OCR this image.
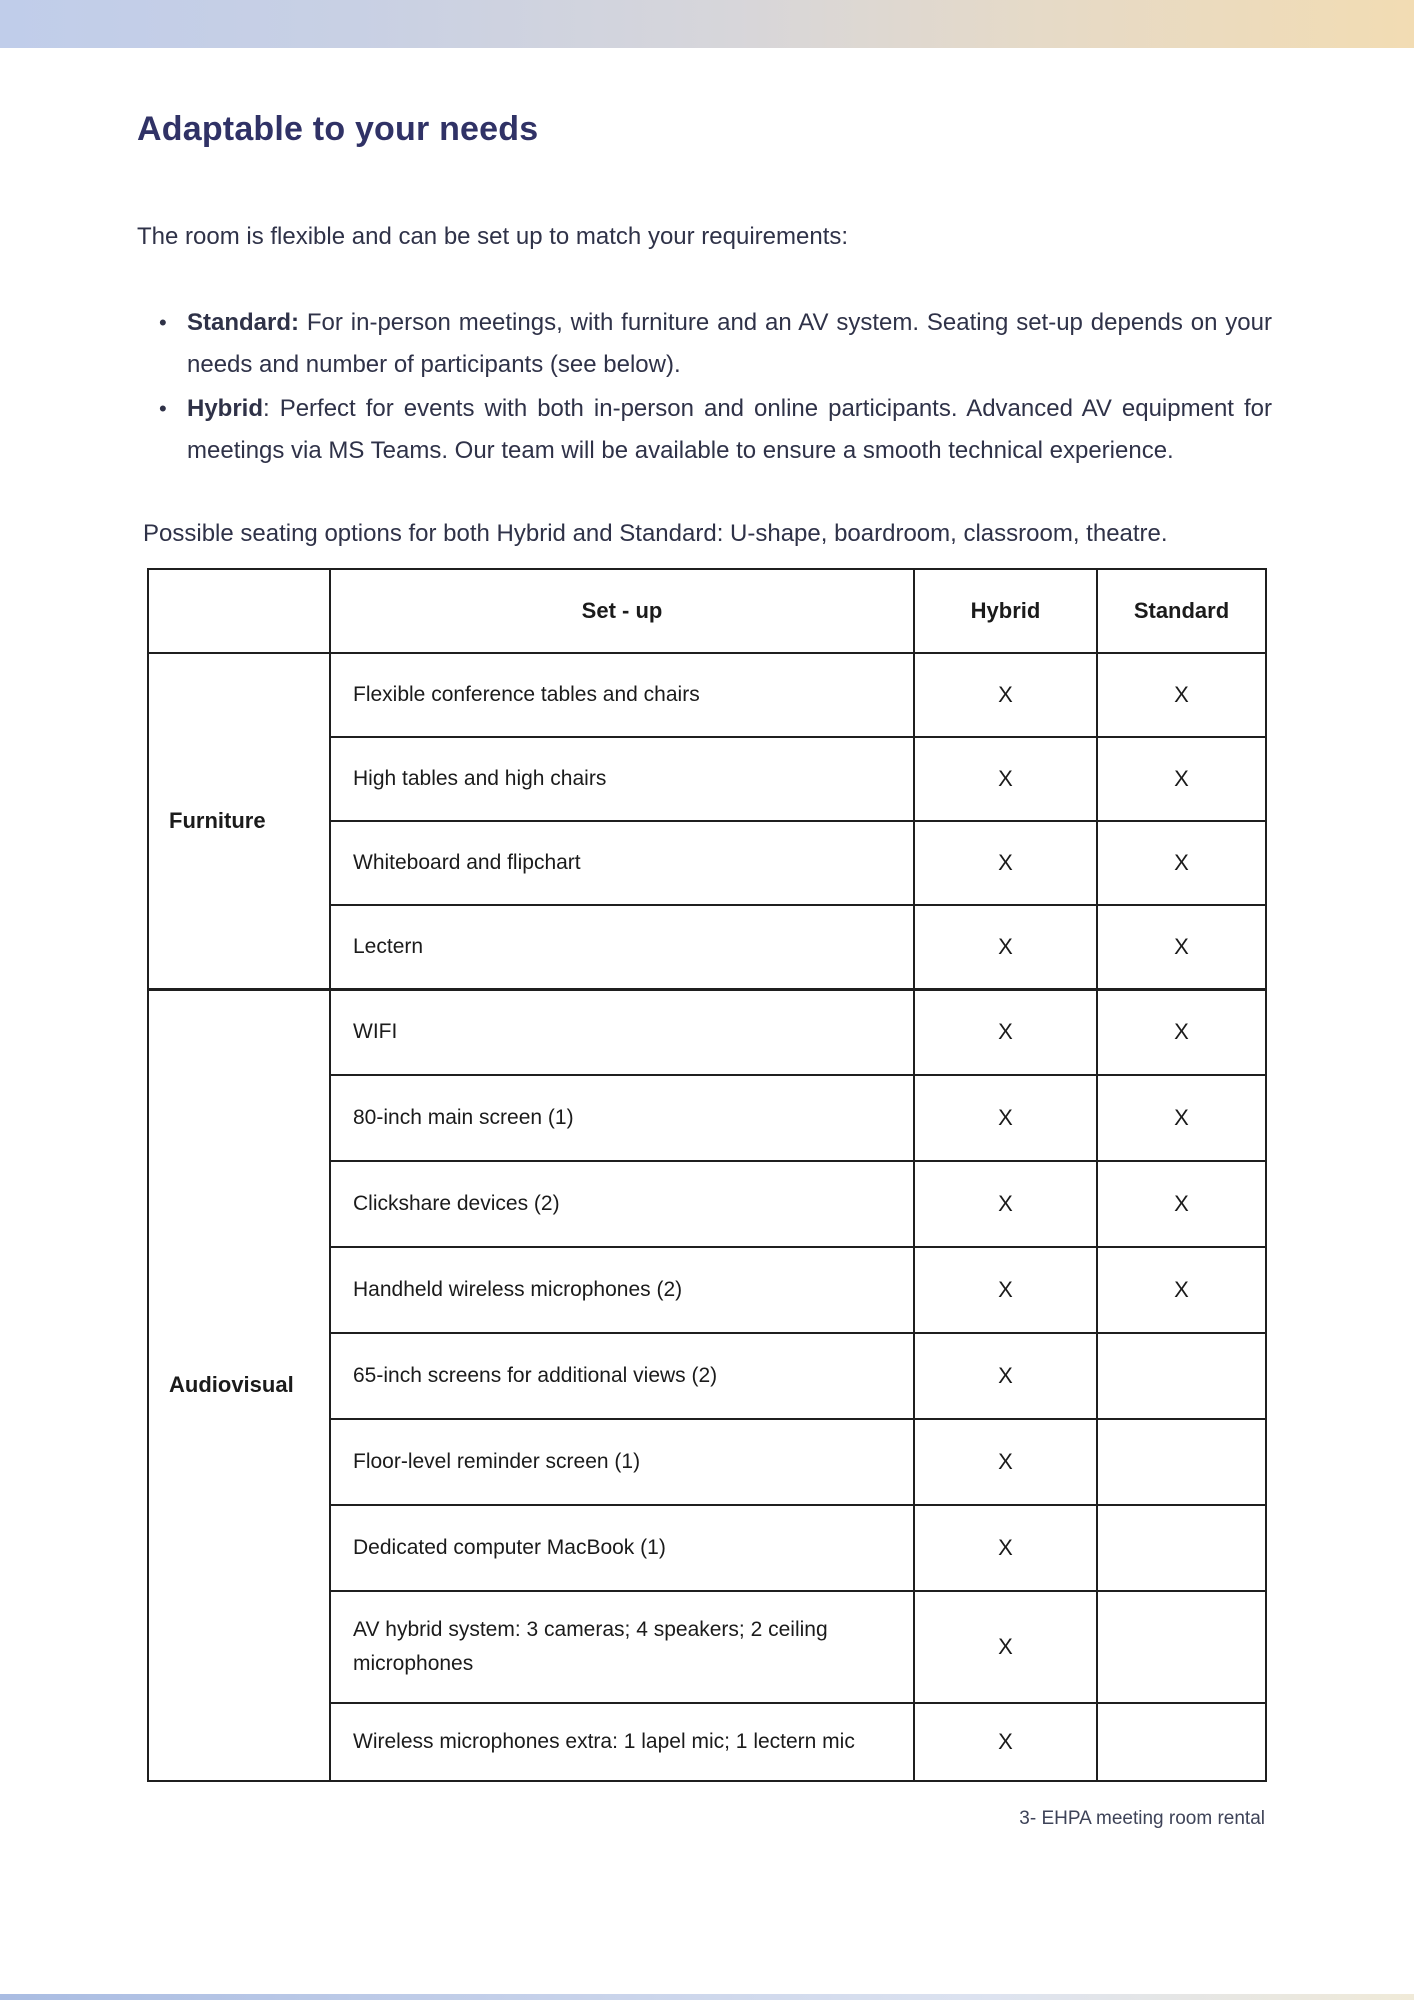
Adaptable to your needs

The room is flexible and can be set up to match your requirements:

• Standard: For in-person meetings, with furniture and an AV system. Seating set-up depends on your needs and number of participants (see below).
• Hybrid: Perfect for events with both in-person and online participants. Advanced AV equipment for meetings via MS Teams. Our team will be available to ensure a smooth technical experience.

Possible seating options for both Hybrid and Standard: U-shape, boardroom, classroom, theatre.

	Set - up	Hybrid	Standard
Furniture	Flexible conference tables and chairs	X	X
	High tables and high chairs	X	X
	Whiteboard and flipchart	X	X
	Lectern	X	X
Audiovisual	WIFI	X	X
	80-inch main screen (1)	X	X
	Clickshare devices (2)	X	X
	Handheld wireless microphones (2)	X	X
	65-inch screens for additional views (2)	X	
	Floor-level reminder screen (1)	X	
	Dedicated computer MacBook (1)	X	
	AV hybrid system: 3 cameras; 4 speakers; 2 ceiling microphones	X	
	Wireless microphones extra: 1 lapel mic; 1 lectern mic	X	
3- EHPA meeting room rental
